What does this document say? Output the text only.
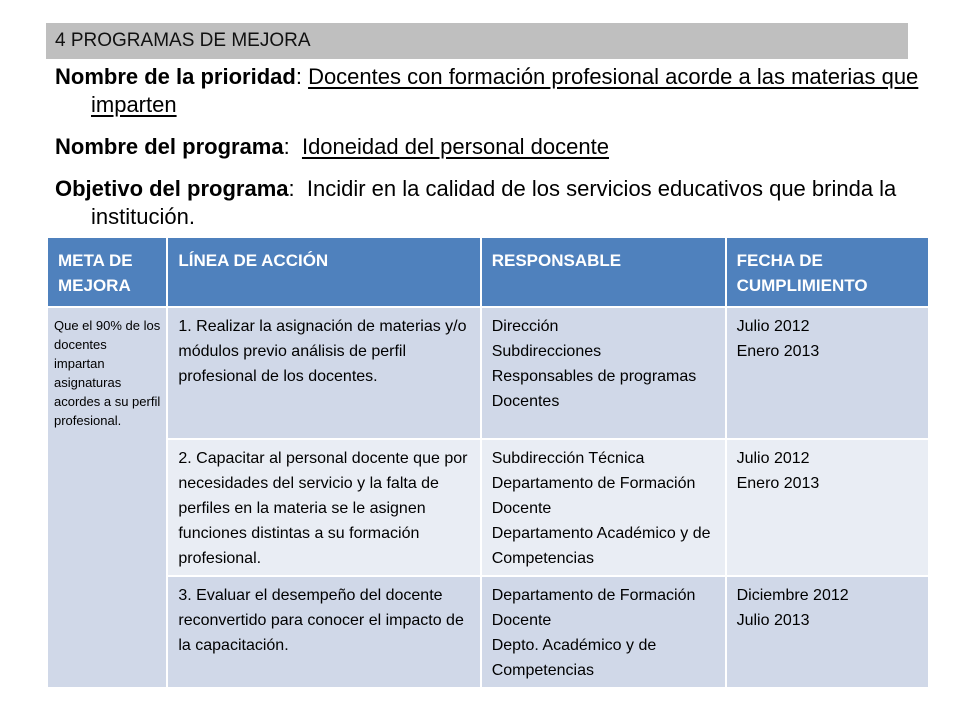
4 PROGRAMAS DE MEJORA
Nombre de la prioridad: Docentes con formación profesional acorde a las materias que imparten
Nombre del programa:  Idoneidad del personal docente
Objetivo del programa:  Incidir en la calidad de los servicios educativos que brinda la institución.
META DE MEJORA	LÍNEA DE ACCIÓN	RESPONSABLE	FECHA DE CUMPLIMIENTO
Que el 90% de los docentes impartan asignaturas acordes a su perfil profesional.	1. Realizar la asignación de materias y/o módulos previo análisis de perfil profesional de los docentes.	Dirección
Subdirecciones
Responsables de programas
Docentes	Julio 2012
Enero 2013

	2. Capacitar al personal docente que por necesidades del servicio y la falta de perfiles en la materia se le asignen funciones distintas a su formación profesional.	Subdirección Técnica
Departamento de Formación Docente
Departamento Académico y de Competencias	Julio 2012
Enero 2013

	3. Evaluar el desempeño del docente reconvertido para conocer el impacto de la capacitación.	Departamento de Formación Docente
Depto. Académico y de Competencias	Diciembre 2012
Julio 2013
